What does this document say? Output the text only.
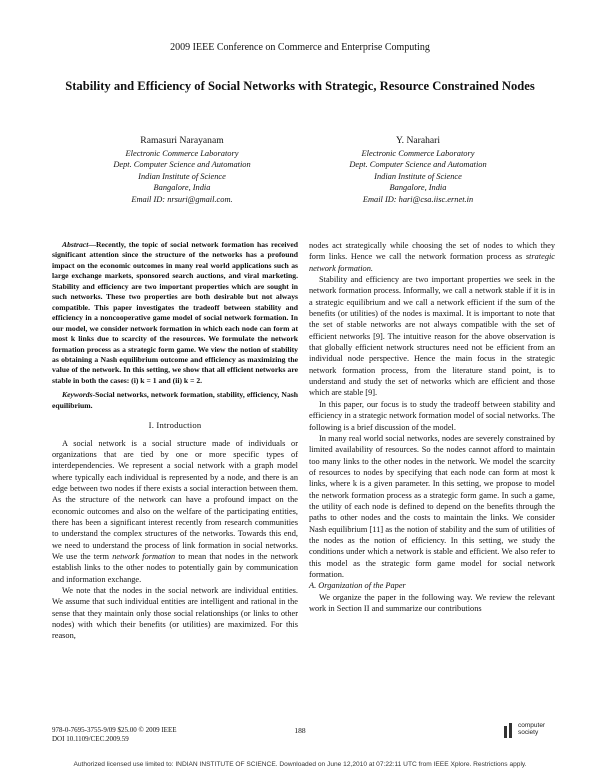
2009 IEEE Conference on Commerce and Enterprise Computing
Stability and Efficiency of Social Networks with Strategic, Resource Constrained Nodes
Ramasuri Narayanam
Electronic Commerce Laboratory
Dept. Computer Science and Automation
Indian Institute of Science
Bangalore, India
Email ID: nrsuri@gmail.com.
Y. Narahari
Electronic Commerce Laboratory
Dept. Computer Science and Automation
Indian Institute of Science
Bangalore, India
Email ID: hari@csa.iisc.ernet.in

Abstract—Recently, the topic of social network formation has received significant attention since the structure of the networks has a profound impact on the economic outcomes in many real world applications such as large exchange markets, sponsored search auctions, and viral marketing. Stability and efficiency are two important properties which are sought in such networks. These two properties are both desirable but not always compatible. This paper investigates the tradeoff between stability and efficiency in a noncooperative game model of social network formation. In our model, we consider network formation in which each node can form at most k links due to scarcity of the resources. We formulate the network formation process as a strategic form game. We view the notion of stability as obtaining a Nash equilibrium outcome and efficiency as maximizing the value of the network. In this setting, we show that all efficient networks are stable in both the cases: (i) k = 1 and (ii) k = 2.

Keywords-Social networks, network formation, stability, efficiency, Nash equilibrium.

I. Introduction

A social network is a social structure made of individuals or organizations that are tied by one or more specific types of interdependencies. We represent a social network with a graph model where typically each individual is represented by a node, and there is an edge between two nodes if there exists a social interaction between them. As the structure of the network can have a profound impact on the economic outcomes and also on the welfare of the participating entities, there has been a significant interest recently from research communities to understand the complex structures of the networks. Towards this end, we need to understand the process of link formation in social networks. We use the term network formation to mean that nodes in the network establish links to the other nodes to potentially gain by communication and information exchange.

We note that the nodes in the social network are individual entities. We assume that such individual entities are intelligent and rational in the sense that they maintain only those social relationships (or links to other nodes) with which their benefits (or utilities) are maximized. For this reason,

nodes act strategically while choosing the set of nodes to which they form links. Hence we call the network formation process as strategic network formation.

Stability and efficiency are two important properties we seek in the network formation process. Informally, we call a network stable if it is in a strategic equilibrium and we call a network efficient if the sum of the benefits (or utilities) of the nodes is maximal. It is important to note that the set of stable networks are not always compatible with the set of efficient networks [9]. The intuitive reason for the above observation is that globally efficient network structures need not be efficient from an individual node perspective. Hence the main focus in the strategic network formation process, from the literature stand point, is to understand and study the set of networks which are efficient and those which are stable [9].

In this paper, our focus is to study the tradeoff between stability and efficiency in a strategic network formation model of social networks. The following is a brief discussion of the model.

In many real world social networks, nodes are severely constrained by limited availability of resources. So the nodes cannot afford to maintain too many links to the other nodes in the network. We model the scarcity of resources to nodes by specifying that each node can form at most k links, where k is a given parameter. In this setting, we propose to model the network formation process as a strategic form game. In such a game, the utility of each node is defined to depend on the benefits through the paths to other nodes and the costs to maintain the links. We consider Nash equilibrium [11] as the notion of stability and the sum of utilities of the nodes as the notion of efficiency. In this setting, we study the conditions under which a network is stable and efficient. We also refer to this model as the strategic form game model for social network formation.

A. Organization of the Paper

We organize the paper in the following way. We review the relevant work in Section II and summarize our contributions

978-0-7695-3755-9/09 $25.00 © 2009 IEEE
DOI 10.1109/CEC.2009.59
188
computer
society
Authorized licensed use limited to: INDIAN INSTITUTE OF SCIENCE. Downloaded on June 12,2010 at 07:22:11 UTC from IEEE Xplore. Restrictions apply.
